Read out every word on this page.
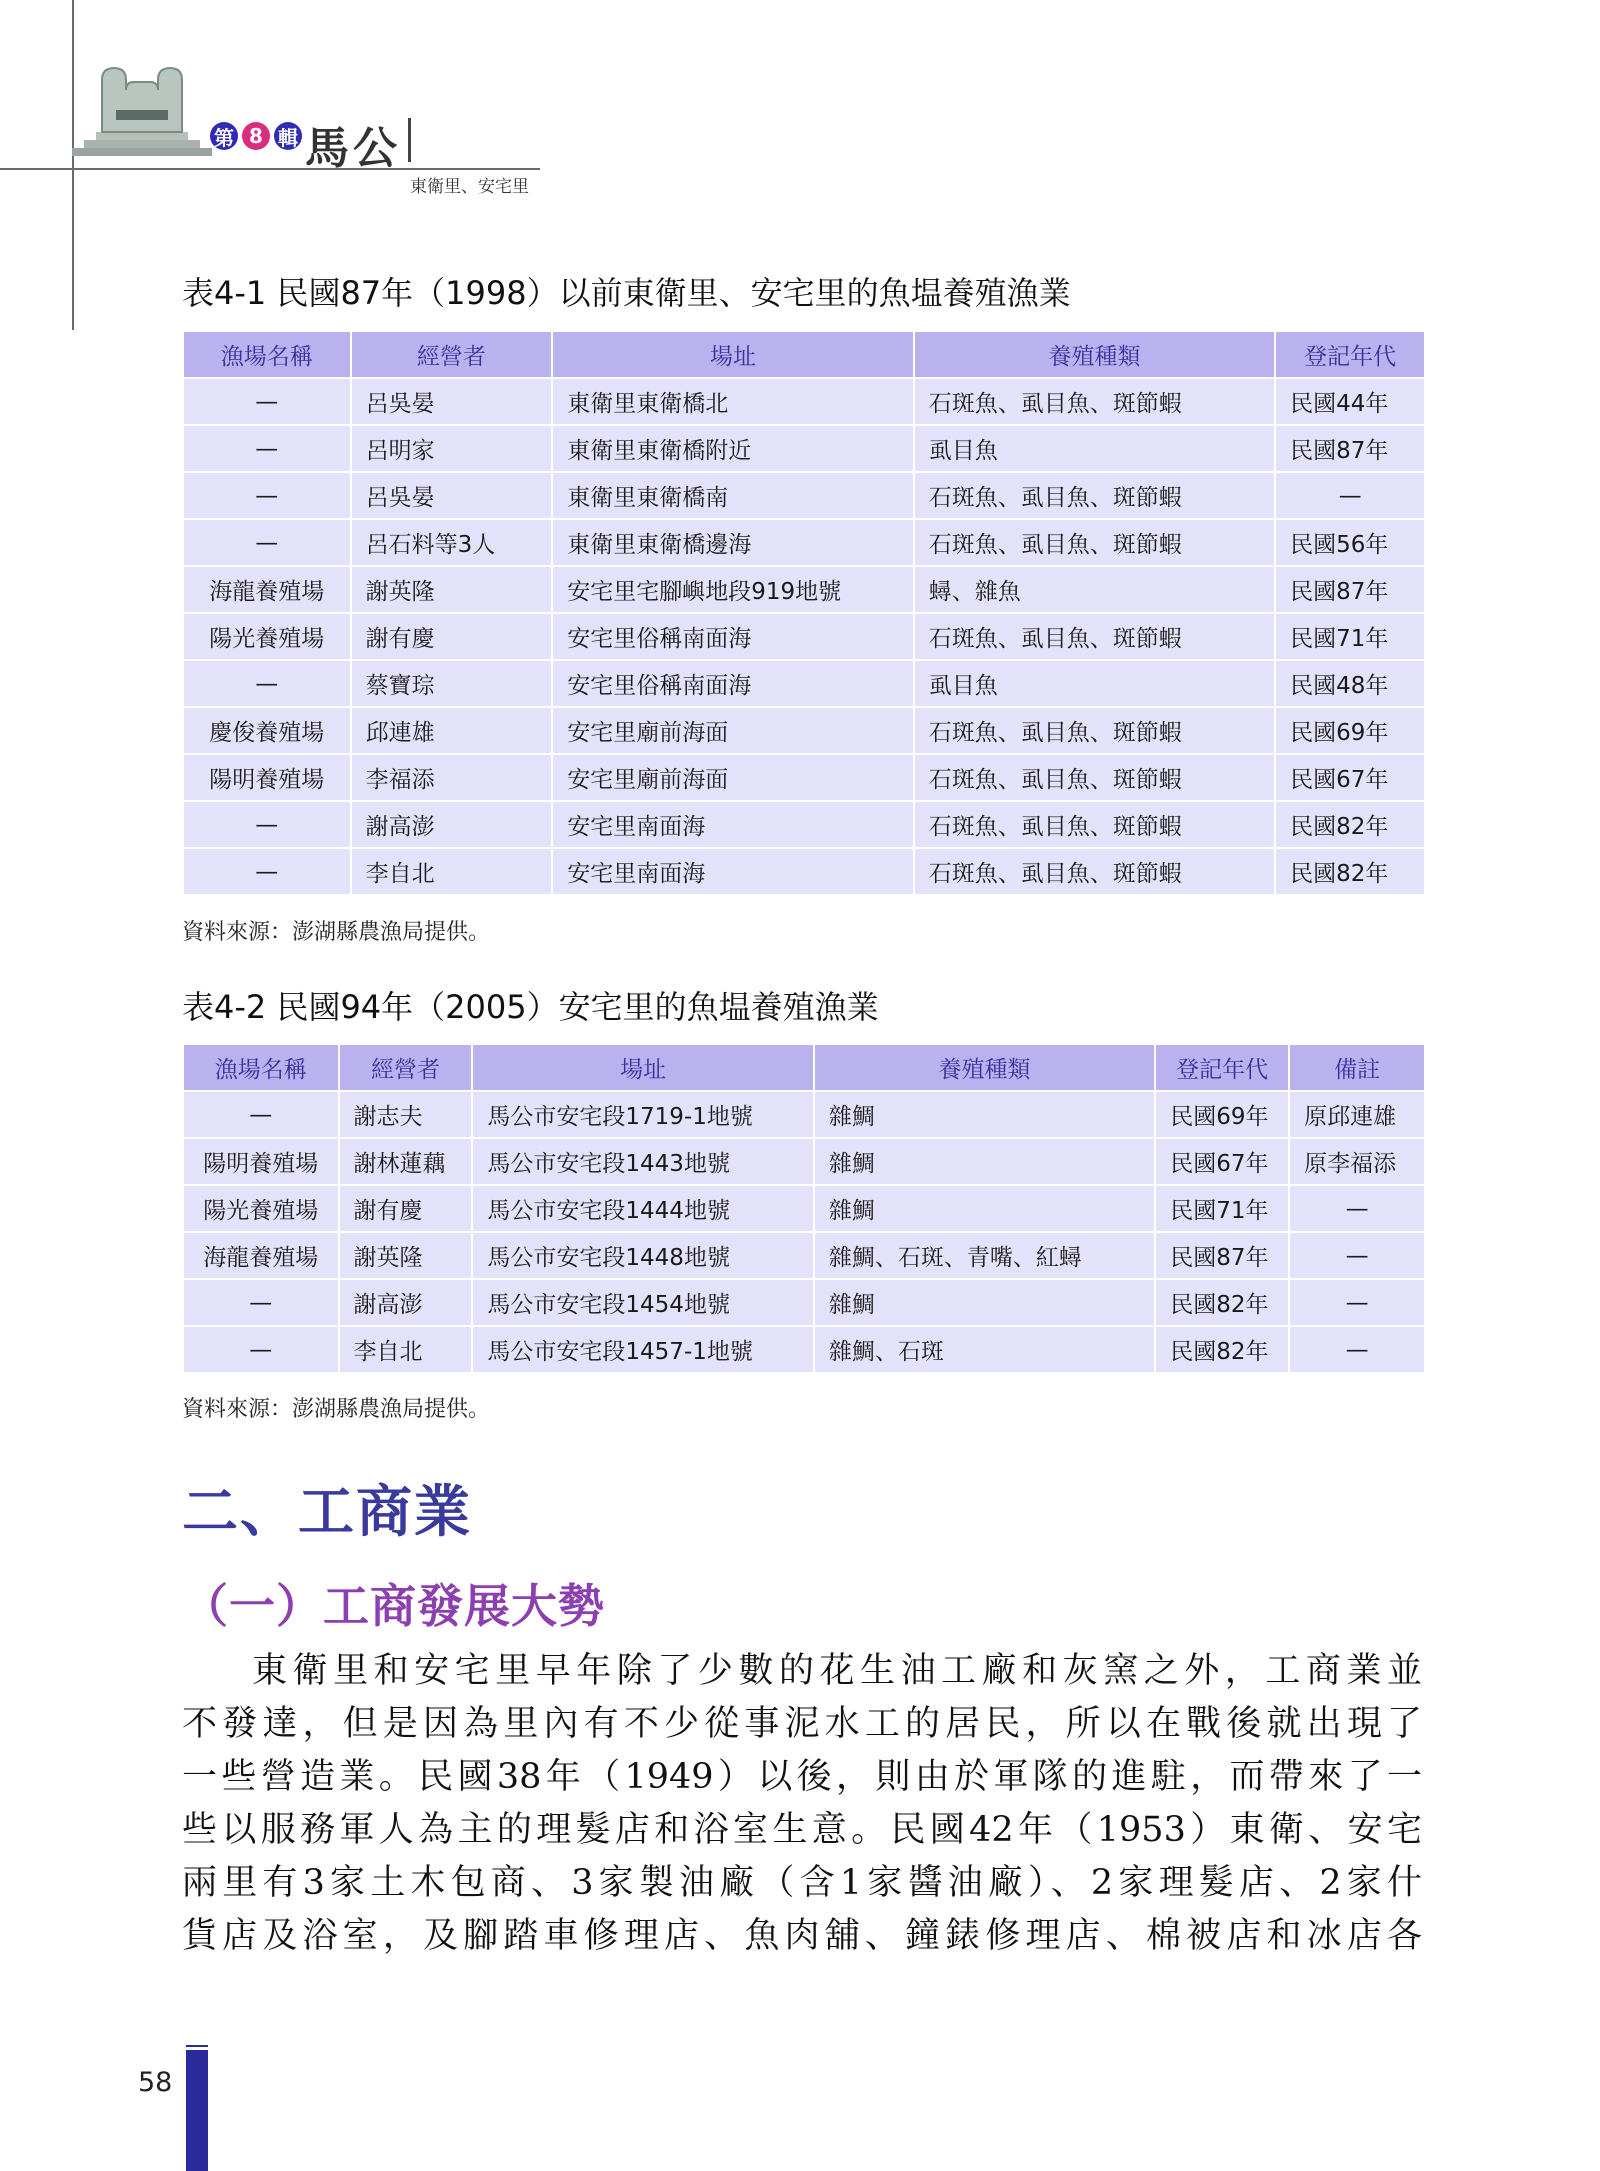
第 8 輯 馬公
東衛里、安宅里
表4-1 民國87年（1998）以前東衛里、安宅里的魚塭養殖漁業
漁場名稱	經營者	場址	養殖種類	登記年代
—	呂吳晏	東衛里東衛橋北	石斑魚、虱目魚、斑節蝦	民國44年
—	呂明家	東衛里東衛橋附近	虱目魚	民國87年
—	呂吳晏	東衛里東衛橋南	石斑魚、虱目魚、斑節蝦	—
—	呂石料等3人	東衛里東衛橋邊海	石斑魚、虱目魚、斑節蝦	民國56年
海龍養殖場	謝英隆	安宅里宅腳嶼地段919地號	蟳、雜魚	民國87年
陽光養殖場	謝有慶	安宅里俗稱南面海	石斑魚、虱目魚、斑節蝦	民國71年
—	蔡寶琮	安宅里俗稱南面海	虱目魚	民國48年
慶俊養殖場	邱連雄	安宅里廟前海面	石斑魚、虱目魚、斑節蝦	民國69年
陽明養殖場	李福添	安宅里廟前海面	石斑魚、虱目魚、斑節蝦	民國67年
—	謝高澎	安宅里南面海	石斑魚、虱目魚、斑節蝦	民國82年
—	李自北	安宅里南面海	石斑魚、虱目魚、斑節蝦	民國82年
資料來源：澎湖縣農漁局提供。
表4-2 民國94年（2005）安宅里的魚塭養殖漁業
漁場名稱	經營者	場址	養殖種類	登記年代	備註
—	謝志夫	馬公市安宅段1719-1地號	雜鯛	民國69年	原邱連雄
陽明養殖場	謝林蓮藕	馬公市安宅段1443地號	雜鯛	民國67年	原李福添
陽光養殖場	謝有慶	馬公市安宅段1444地號	雜鯛	民國71年	—
海龍養殖場	謝英隆	馬公市安宅段1448地號	雜鯛、石斑、青嘴、紅蟳	民國87年	—
—	謝高澎	馬公市安宅段1454地號	雜鯛	民國82年	—
—	李自北	馬公市安宅段1457-1地號	雜鯛、石斑	民國82年	—
資料來源：澎湖縣農漁局提供。
二、工商業
（一）工商發展大勢

東衛里和安宅里早年除了少數的花生油工廠和灰窯之外，工商業並

不發達，但是因為里內有不少從事泥水工的居民，所以在戰後就出現了

一些營造業。民國38年（1949）以後，則由於軍隊的進駐，而帶來了一

些以服務軍人為主的理髮店和浴室生意。民國42年（1953）東衛、安宅

兩里有3家土木包商、3家製油廠（含1家醬油廠）、2家理髮店、2家什

貨店及浴室，及腳踏車修理店、魚肉舖、鐘錶修理店、棉被店和冰店各

58
